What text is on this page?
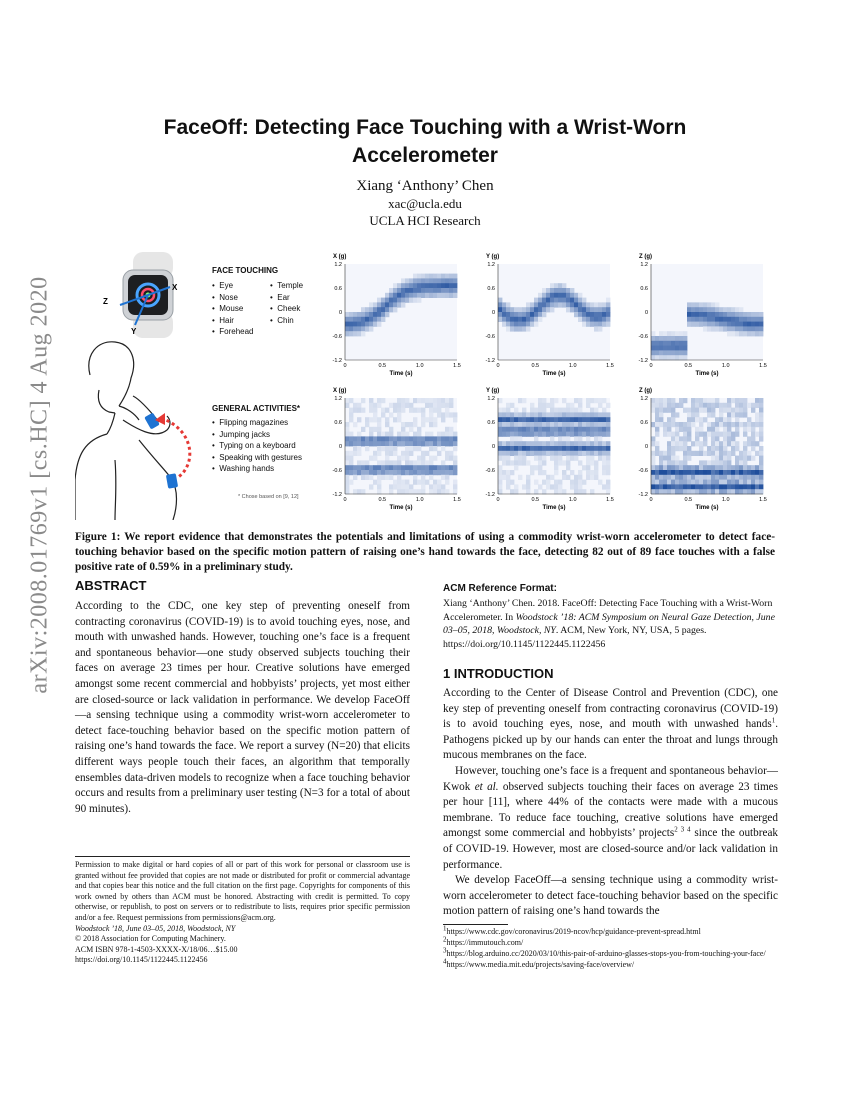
arXiv:2008.01769v1 [cs.HC] 4 Aug 2020
FaceOff: Detecting Face Touching with a Wrist-Worn
Accelerometer
Xiang ‘Anthony’ Chen
xac@ucla.edu
UCLA HCI Research
Z
X
Y
FACE TOUCHING
•  Eye
•  Nose
•  Mouse
•  Hair
•  Forehead
•  Temple
•  Ear
•  Cheek
•  Chin
GENERAL ACTIVITIES*
•  Flipping magazines
•  Jumping jacks
•  Typing on a keyboard
•  Speaking with gestures
•  Washing hands
* Chose based on [9, 12]
X (g)
1.2
0.6
0
-0.6
-1.2
0	0.5	1.0	1.5
Time (s)
Y (g)
1.2
0.6
0
-0.6
-1.2
0	0.5	1.0	1.5
Time (s)
Z (g)
1.2
0.6
0
-0.6
-1.2
0	0.5	1.0	1.5
Time (s)
X (g)
1.2
0.6
0
-0.6
-1.2
0	0.5	1.0	1.5
Time (s)
Y (g)
1.2
0.6
0
-0.6
-1.2
0	0.5	1.0	1.5
Time (s)
Z (g)
1.2
0.6
0
-0.6
-1.2
0	0.5	1.0	1.5
Time (s)
Figure 1: We report evidence that demonstrates the potentials and limitations of using a commodity wrist-worn accelerometer to detect face-touching behavior based on the specific motion pattern of raising one’s hand towards the face, detecting 82 out of 89 face touches with a false positive rate of 0.59% in a preliminary study.
ABSTRACT
According to the CDC, one key step of preventing oneself from contracting coronavirus (COVID-19) is to avoid touching eyes, nose, and mouth with unwashed hands. However, touching one’s face is a frequent and spontaneous behavior—one study observed subjects touching their faces on average 23 times per hour. Creative solutions have emerged amongst some recent commercial and hobbyists’ projects, yet most either are closed-source or lack validation in performance. We develop FaceOff—a sensing technique using a commodity wrist-worn accelerometer to detect face-touching behavior based on the specific motion pattern of raising one’s hand towards the face. We report a survey (N=20) that elicits different ways people touch their faces, an algorithm that temporally ensembles data-driven models to recognize when a face touching behavior occurs and results from a preliminary user testing (N=3 for a total of about 90 minutes).
Permission to make digital or hard copies of all or part of this work for personal or classroom use is granted without fee provided that copies are not made or distributed for profit or commercial advantage and that copies bear this notice and the full citation on the first page. Copyrights for components of this work owned by others than ACM must be honored. Abstracting with credit is permitted. To copy otherwise, or republish, to post on servers or to redistribute to lists, requires prior specific permission and/or a fee. Request permissions from permissions@acm.org.
Woodstock ’18, June 03–05, 2018, Woodstock, NY
© 2018 Association for Computing Machinery.
ACM ISBN 978-1-4503-XXXX-X/18/06…$15.00
https://doi.org/10.1145/1122445.1122456
ACM Reference Format:
Xiang ‘Anthony’ Chen. 2018. FaceOff: Detecting Face Touching with a Wrist-Worn Accelerometer. In Woodstock ’18: ACM Symposium on Neural Gaze Detection, June 03–05, 2018, Woodstock, NY. ACM, New York, NY, USA, 5 pages. https://doi.org/10.1145/1122445.1122456
1 INTRODUCTION
According to the Center of Disease Control and Prevention (CDC), one key step of preventing oneself from contracting coronavirus (COVID-19) is to avoid touching eyes, nose, and mouth with unwashed hands$^1$. Pathogens picked up by our hands can enter the throat and lungs through mucous membranes on the face.
However, touching one’s face is a frequent and spontaneous behavior—Kwok et al. observed subjects touching their faces on average 23 times per hour [11], where 44% of the contacts were made with a mucous membrane. To reduce face touching, creative solutions have emerged amongst some commercial and hobbyists’ projects$^{2 3 4}$ since the outbreak of COVID-19. However, most are closed-source and/or lack validation in performance.
We develop FaceOff—a sensing technique using a commodity wrist-worn accelerometer to detect face-touching behavior based on the specific motion pattern of raising one’s hand towards the
$^1$https://www.cdc.gov/coronavirus/2019-ncov/hcp/guidance-prevent-spread.html
$^2$https://immutouch.com/
$^3$https://blog.arduino.cc/2020/03/10/this-pair-of-arduino-glasses-stops-you-from-touching-your-face/
$^4$https://www.media.mit.edu/projects/saving-face/overview/
